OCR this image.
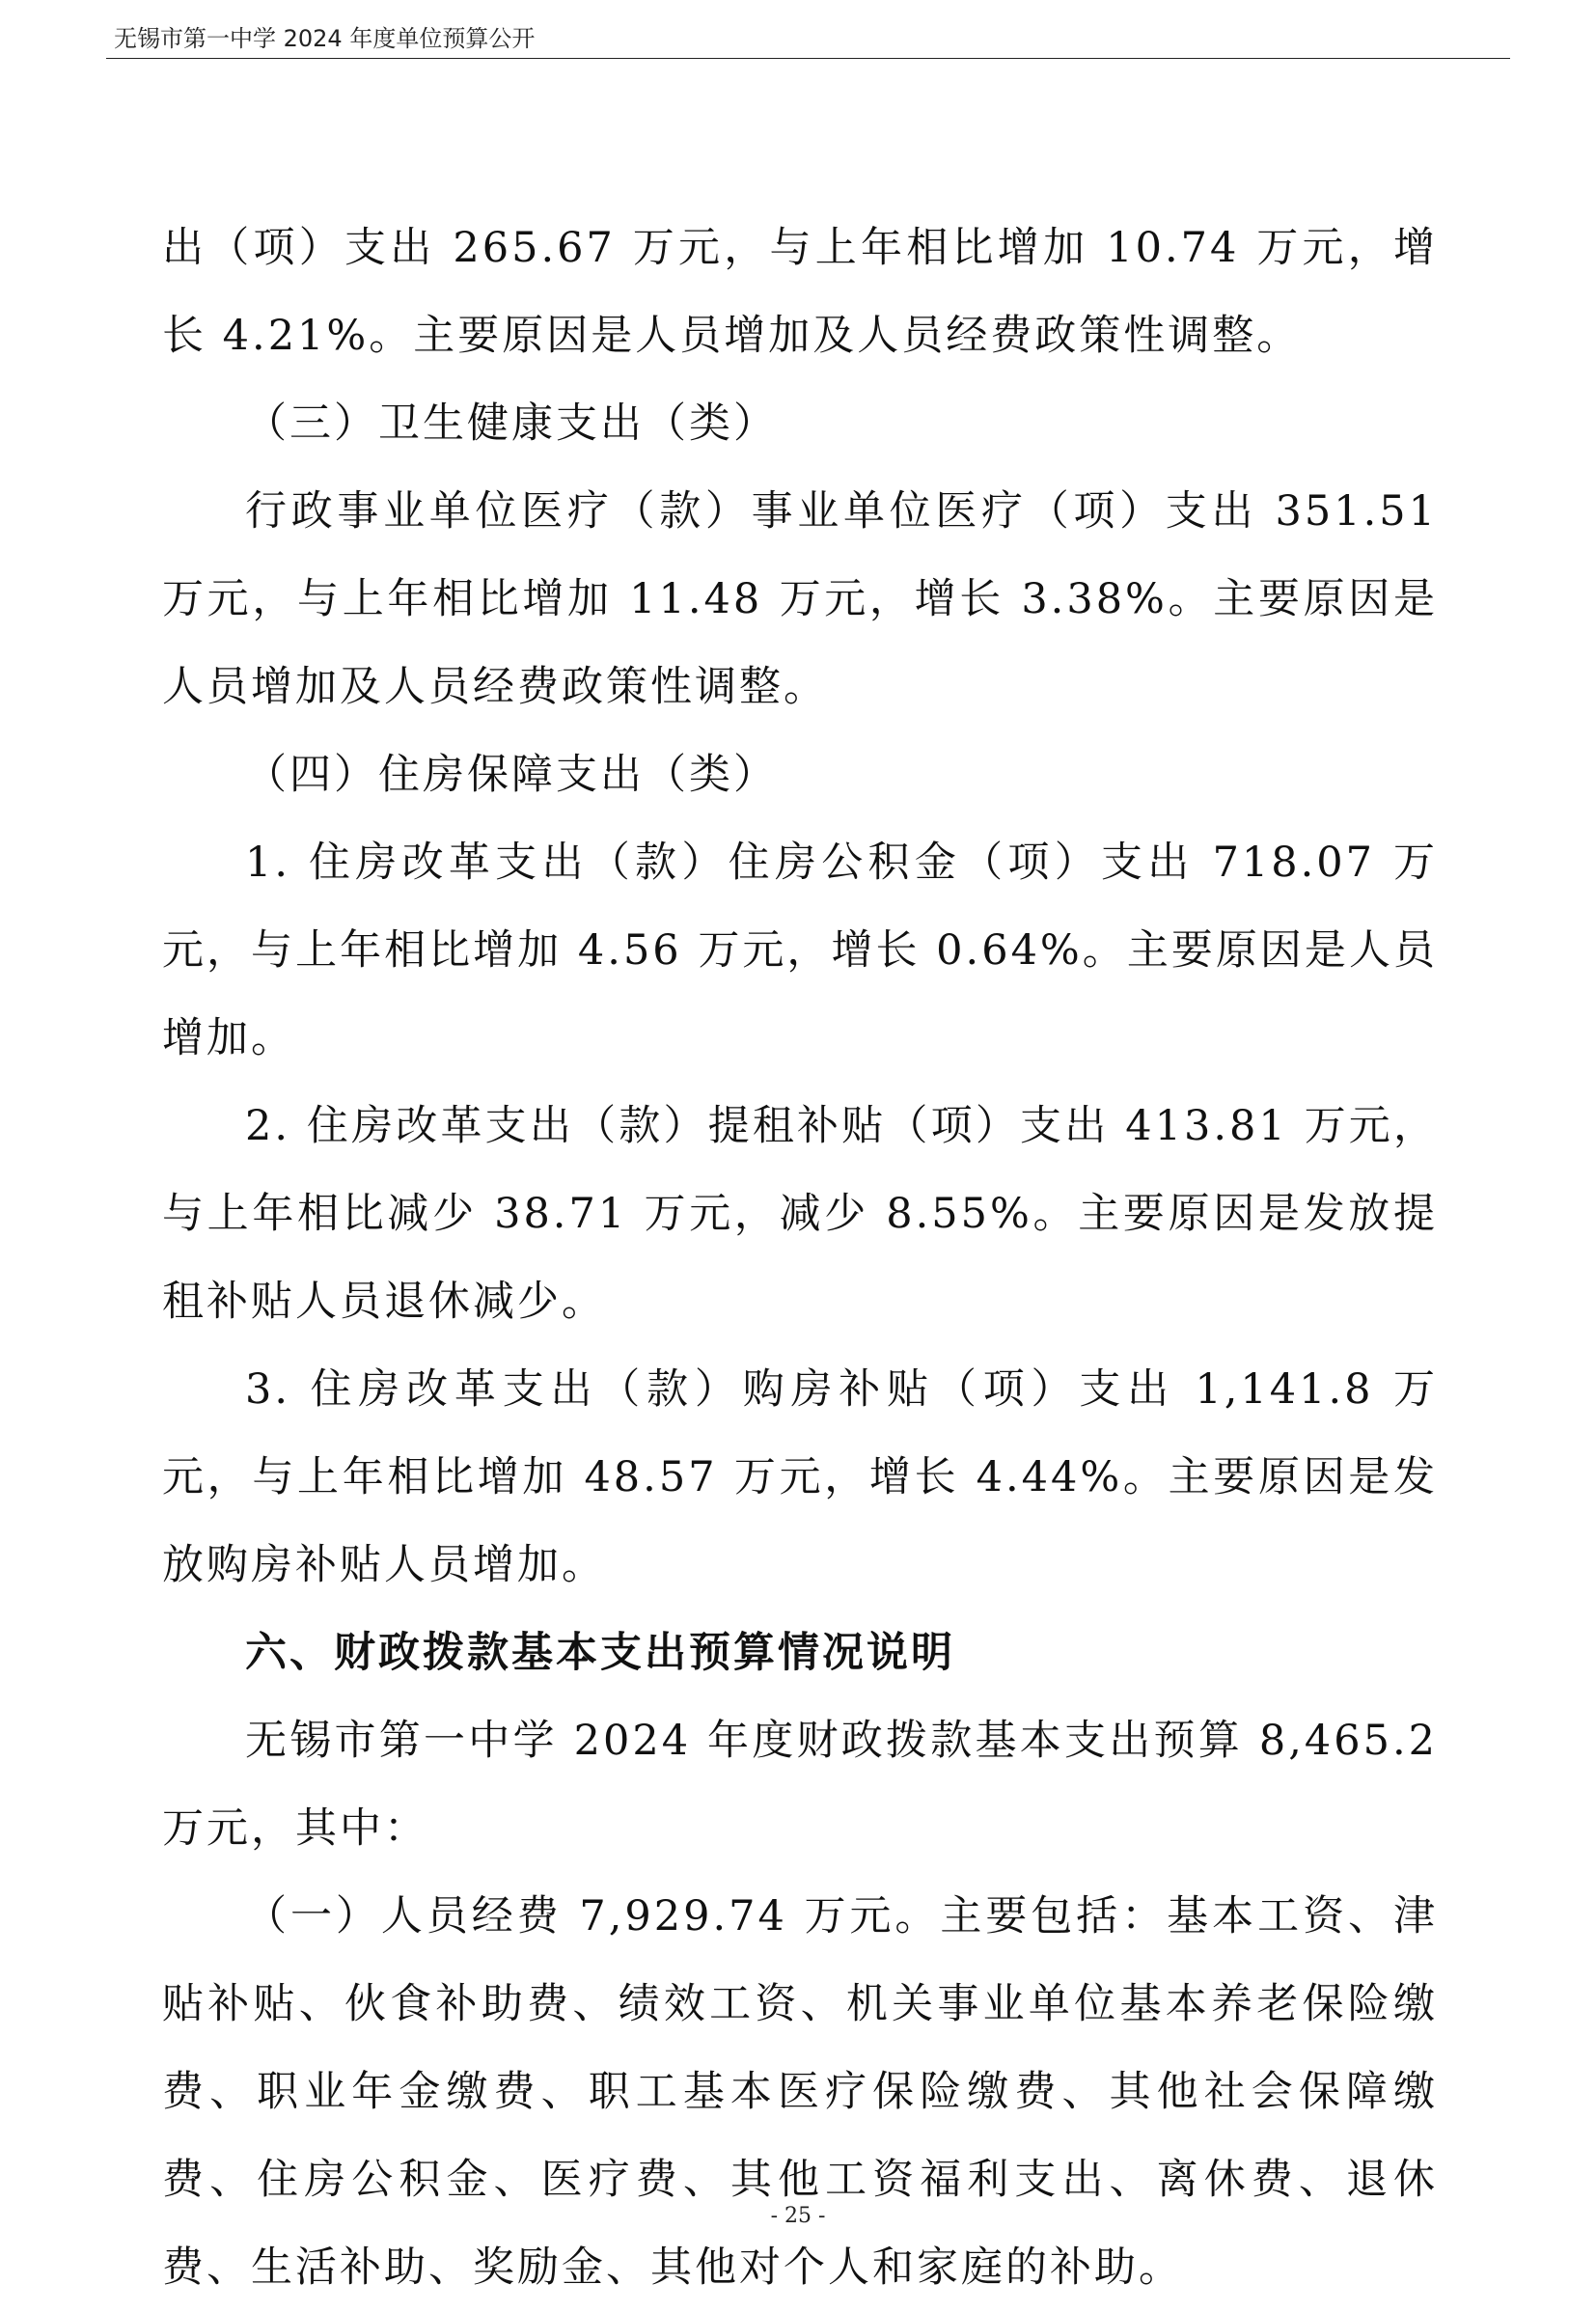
无锡市第一中学 2024 年度单位预算公开

出（项）支出 265.67 万元，与上年相比增加 10.74 万元，增长 4.21%。主要原因是人员增加及人员经费政策性调整。

（三）卫生健康支出（类）

行政事业单位医疗（款）事业单位医疗（项）支出 351.51 万元，与上年相比增加 11.48 万元，增长 3.38%。主要原因是人员增加及人员经费政策性调整。

（四）住房保障支出（类）

1. 住房改革支出（款）住房公积金（项）支出 718.07 万元，与上年相比增加 4.56 万元，增长 0.64%。主要原因是人员增加。

2. 住房改革支出（款）提租补贴（项）支出 413.81 万元，与上年相比减少 38.71 万元，减少 8.55%。主要原因是发放提租补贴人员退休减少。

3. 住房改革支出（款）购房补贴（项）支出 1,141.8 万元，与上年相比增加 48.57 万元，增长 4.44%。主要原因是发放购房补贴人员增加。

六、财政拨款基本支出预算情况说明

无锡市第一中学 2024 年度财政拨款基本支出预算 8,465.2 万元，其中：

（一）人员经费 7,929.74 万元。主要包括：基本工资、津贴补贴、伙食补助费、绩效工资、机关事业单位基本养老保险缴费、职业年金缴费、职工基本医疗保险缴费、其他社会保障缴费、住房公积金、医疗费、其他工资福利支出、离休费、退休费、生活补助、奖励金、其他对个人和家庭的补助。

- 25 -
